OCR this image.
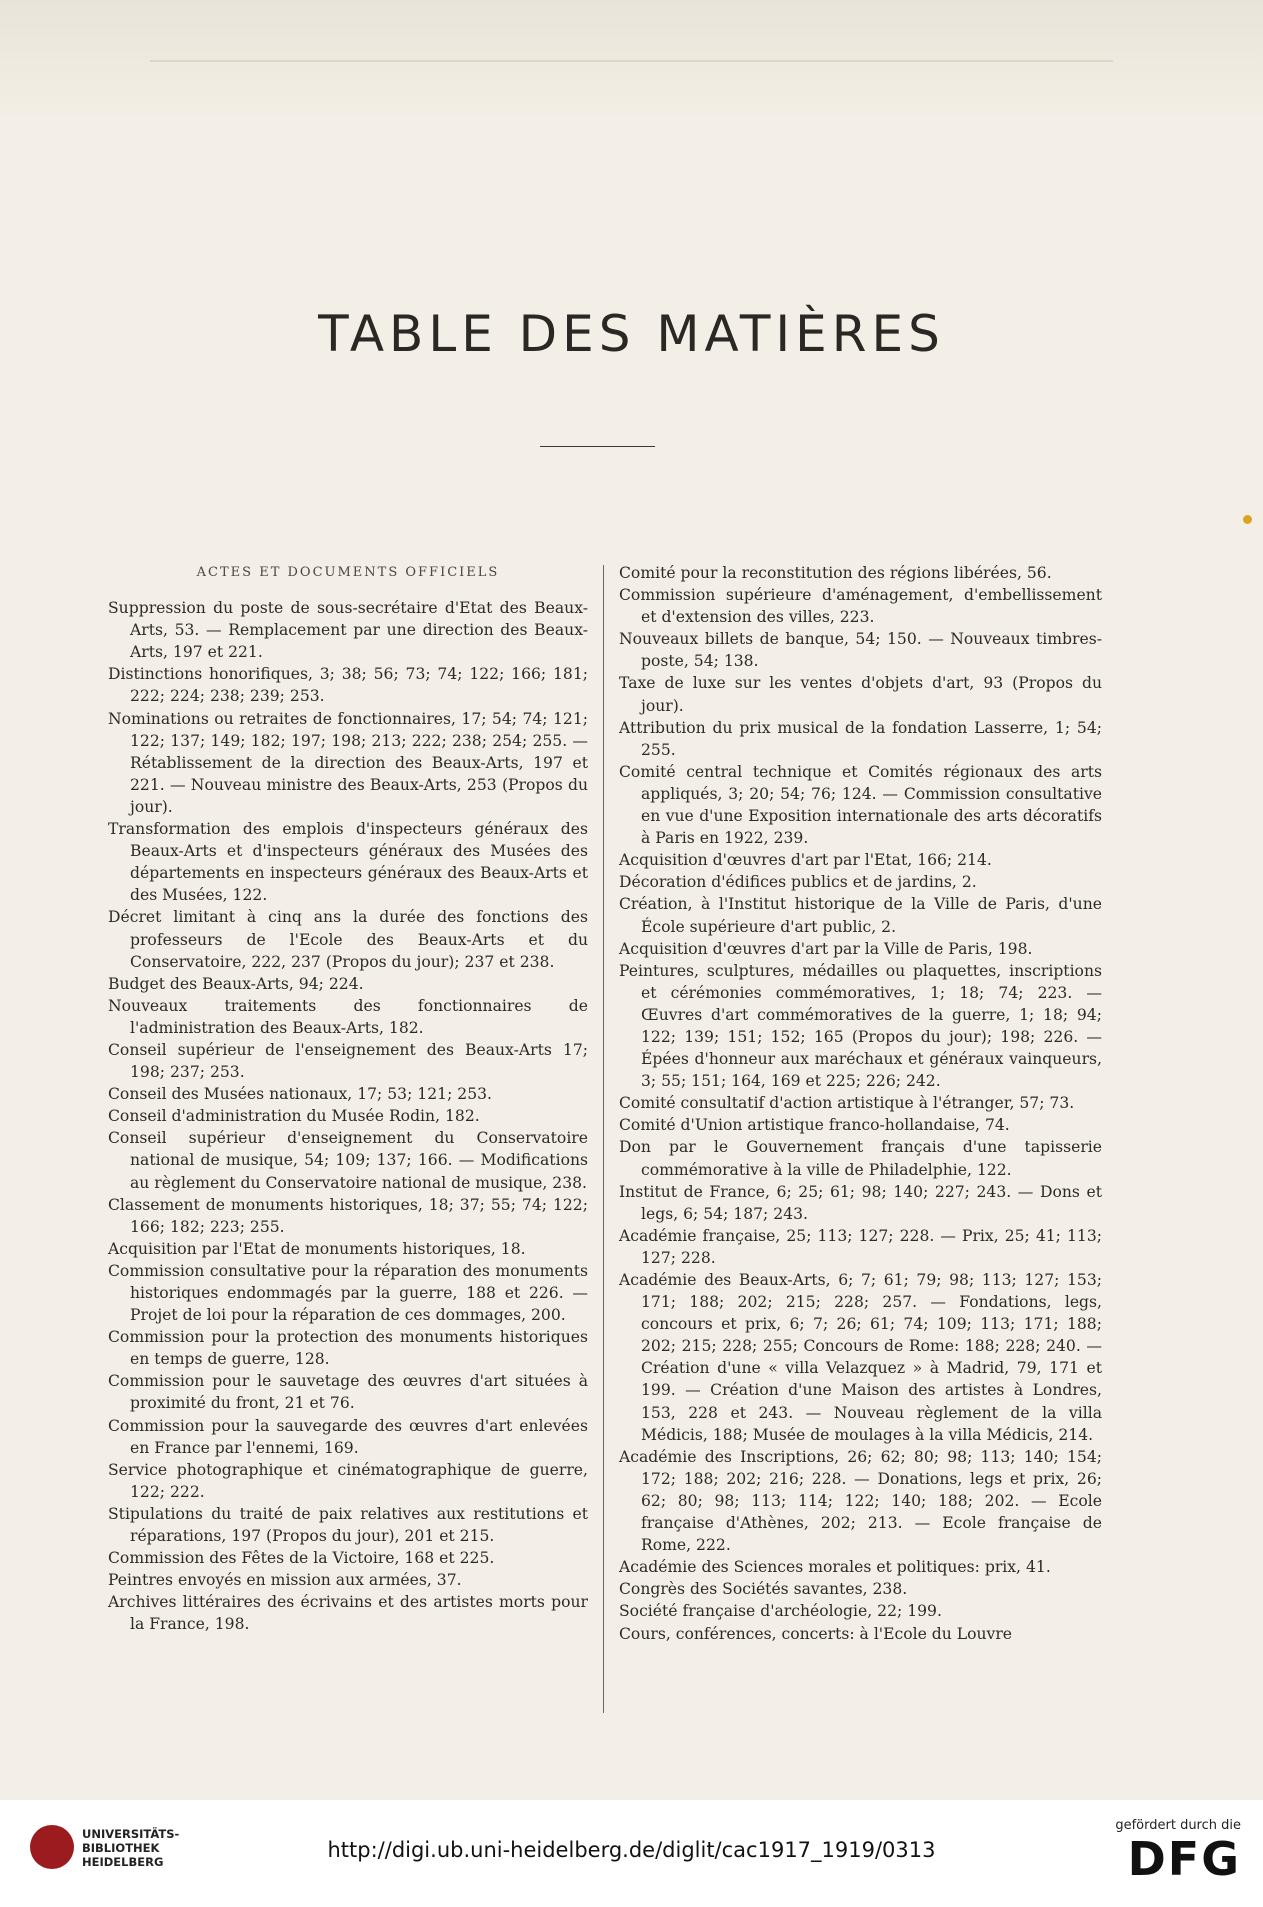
TABLE DES MATIÈRES
ACTES ET DOCUMENTS OFFICIELS

Suppression du poste de sous-secrétaire d'Etat des Beaux-Arts, 53. — Remplacement par une direction des Beaux-Arts, 197 et 221.

Distinctions honorifiques, 3; 38; 56; 73; 74; 122; 166; 181; 222; 224; 238; 239; 253.

Nominations ou retraites de fonctionnaires, 17; 54; 74; 121; 122; 137; 149; 182; 197; 198; 213; 222; 238; 254; 255. — Rétablissement de la direction des Beaux-Arts, 197 et 221. — Nouveau ministre des Beaux-Arts, 253 (Propos du jour).

Transformation des emplois d'inspecteurs généraux des Beaux-Arts et d'inspecteurs généraux des Musées des départements en inspecteurs généraux des Beaux-Arts et des Musées, 122.

Décret limitant à cinq ans la durée des fonctions des professeurs de l'Ecole des Beaux-Arts et du Conservatoire, 222, 237 (Propos du jour); 237 et 238.

Budget des Beaux-Arts, 94; 224.

Nouveaux traitements des fonctionnaires de l'administration des Beaux-Arts, 182.

Conseil supérieur de l'enseignement des Beaux-Arts 17; 198; 237; 253.

Conseil des Musées nationaux, 17; 53; 121; 253.

Conseil d'administration du Musée Rodin, 182.

Conseil supérieur d'enseignement du Conservatoire national de musique, 54; 109; 137; 166. — Modifications au règlement du Conservatoire national de musique, 238.

Classement de monuments historiques, 18; 37; 55; 74; 122; 166; 182; 223; 255.

Acquisition par l'Etat de monuments historiques, 18.

Commission consultative pour la réparation des monuments historiques endommagés par la guerre, 188 et 226. — Projet de loi pour la réparation de ces dommages, 200.

Commission pour la protection des monuments historiques en temps de guerre, 128.

Commission pour le sauvetage des œuvres d'art situées à proximité du front, 21 et 76.

Commission pour la sauvegarde des œuvres d'art enlevées en France par l'ennemi, 169.

Service photographique et cinématographique de guerre, 122; 222.

Stipulations du traité de paix relatives aux restitutions et réparations, 197 (Propos du jour), 201 et 215.

Commission des Fêtes de la Victoire, 168 et 225.

Peintres envoyés en mission aux armées, 37.

Archives littéraires des écrivains et des artistes morts pour la France, 198.

Comité pour la reconstitution des régions libérées, 56.

Commission supérieure d'aménagement, d'embellissement et d'extension des villes, 223.

Nouveaux billets de banque, 54; 150. — Nouveaux timbres-poste, 54; 138.

Taxe de luxe sur les ventes d'objets d'art, 93 (Propos du jour).

Attribution du prix musical de la fondation Lasserre, 1; 54; 255.

Comité central technique et Comités régionaux des arts appliqués, 3; 20; 54; 76; 124. — Commission consultative en vue d'une Exposition internationale des arts décoratifs à Paris en 1922, 239.

Acquisition d'œuvres d'art par l'Etat, 166; 214.

Décoration d'édifices publics et de jardins, 2.

Création, à l'Institut historique de la Ville de Paris, d'une École supérieure d'art public, 2.

Acquisition d'œuvres d'art par la Ville de Paris, 198.

Peintures, sculptures, médailles ou plaquettes, inscriptions et cérémonies commémoratives, 1; 18; 74; 223. — Œuvres d'art commémoratives de la guerre, 1; 18; 94; 122; 139; 151; 152; 165 (Propos du jour); 198; 226. — Épées d'honneur aux maréchaux et généraux vainqueurs, 3; 55; 151; 164, 169 et 225; 226; 242.

Comité consultatif d'action artistique à l'étranger, 57; 73.

Comité d'Union artistique franco-hollandaise, 74.

Don par le Gouvernement français d'une tapisserie commémorative à la ville de Philadelphie, 122.

Institut de France, 6; 25; 61; 98; 140; 227; 243. — Dons et legs, 6; 54; 187; 243.

Académie française, 25; 113; 127; 228. — Prix, 25; 41; 113; 127; 228.

Académie des Beaux-Arts, 6; 7; 61; 79; 98; 113; 127; 153; 171; 188; 202; 215; 228; 257. — Fondations, legs, concours et prix, 6; 7; 26; 61; 74; 109; 113; 171; 188; 202; 215; 228; 255; Concours de Rome: 188; 228; 240. — Création d'une « villa Velazquez » à Madrid, 79, 171 et 199. — Création d'une Maison des artistes à Londres, 153, 228 et 243. — Nouveau règlement de la villa Médicis, 188; Musée de moulages à la villa Médicis, 214.

Académie des Inscriptions, 26; 62; 80; 98; 113; 140; 154; 172; 188; 202; 216; 228. — Donations, legs et prix, 26; 62; 80; 98; 113; 114; 122; 140; 188; 202. — Ecole française d'Athènes, 202; 213. — Ecole française de Rome, 222.

Académie des Sciences morales et politiques: prix, 41.

Congrès des Sociétés savantes, 238.

Société française d'archéologie, 22; 199.

Cours, conférences, concerts: à l'Ecole du Louvre

UNIVERSITÄTS-
BIBLIOTHEK
HEIDELBERG	http://digi.ub.uni-heidelberg.de/diglit/cac1917_1919/0313
gefördert durch die
DFG
